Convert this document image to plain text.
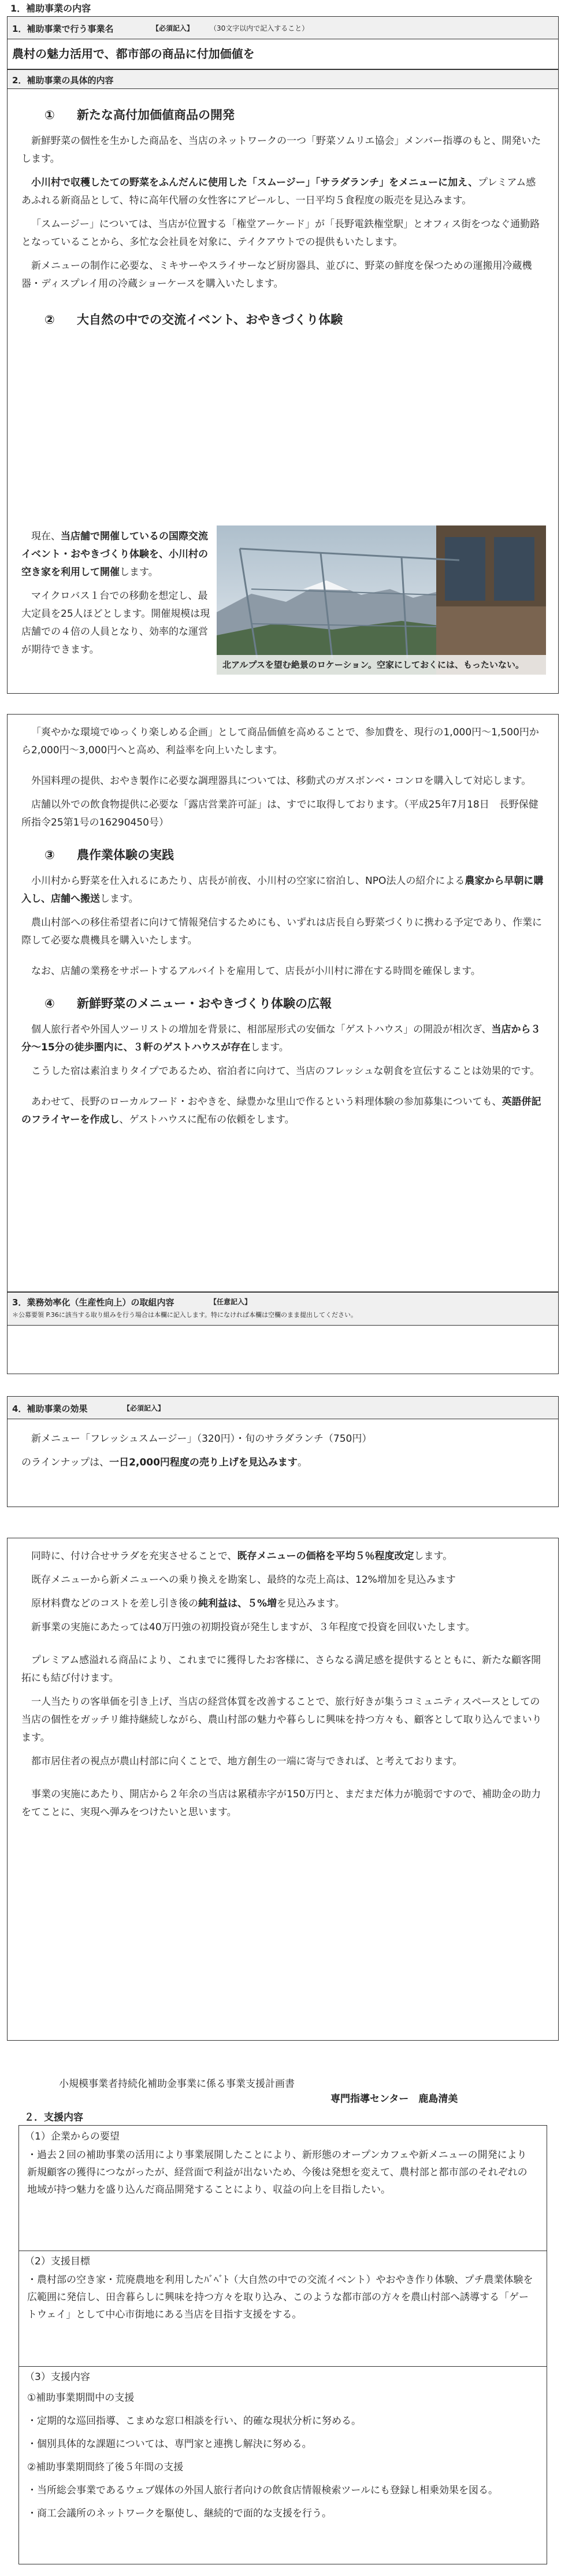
1．補助事業の内容
1．補助事業で行う事業名	【必須記入】 （30文字以内で記入すること）
農村の魅力活用で、都市部の商品に付加価値を
2．補助事業の具体的内容
① 新たな高付加価値商品の開発

新鮮野菜の個性を生かした商品を、当店のネットワークの一つ「野菜ソムリエ協会」メンバー指導のもと、開発いたします。

小川村で収穫したての野菜をふんだんに使用した「スムージー」「サラダランチ」をメニューに加え、プレミアム感あふれる新商品として、特に高年代層の女性客にアピールし、一日平均５食程度の販売を見込みます。

「スムージー」については、当店が位置する「権堂アーケード」が「長野電鉄権堂駅」とオフィス街をつなぐ通勤路となっていることから、多忙な会社員を対象に、テイクアウトでの提供もいたします。

新メニューの制作に必要な、ミキサーやスライサーなど厨房器具、並びに、野菜の鮮度を保つための運搬用冷蔵機器・ディスプレイ用の冷蔵ショーケースを購入いたします。

② 大自然の中での交流イベント、おやきづくり体験

現在、当店舗で開催しているの国際交流イベント・おやきづくり体験を、小川村の空き家を利用して開催します。

マイクロバス１台での移動を想定し、最大定員を25人ほどとします。開催規模は現店舗での４倍の人員となり、効率的な運営が期待できます。

北アルプスを望む絶景のロケーション。空家にしておくには、もったいない。

「爽やかな環境でゆっくり楽しめる企画」として商品価値を高めることで、参加費を、現行の1,000円〜1,500円から2,000円〜3,000円へと高め、利益率を向上いたします。

外国料理の提供、おやき製作に必要な調理器具については、移動式のガスボンベ・コンロを購入して対応します。

店舗以外での飲食物提供に必要な「露店営業許可証」は、すでに取得しております。（平成25年7月18日　長野保健所指令25第1号の16290450号）

③ 農作業体験の実践

小川村から野菜を仕入れるにあたり、店長が前夜、小川村の空家に宿泊し、NPO法人の紹介による農家から早朝に購入し、店舗へ搬送します。

農山村部への移住希望者に向けて情報発信するためにも、いずれは店長自ら野菜づくりに携わる予定であり、作業に際して必要な農機具を購入いたします。

なお、店舗の業務をサポートするアルバイトを雇用して、店長が小川村に滞在する時間を確保します。

④ 新鮮野菜のメニュー・おやきづくり体験の広報

個人旅行者や外国人ツーリストの増加を背景に、相部屋形式の安価な「ゲストハウス」の開設が相次ぎ、当店から３分〜15分の徒歩圏内に、３軒のゲストハウスが存在します。

こうした宿は素泊まりタイプであるため、宿泊者に向けて、当店のフレッシュな朝食を宣伝することは効果的です。

あわせて、長野のローカルフード・おやきを、緑豊かな里山で作るという料理体験の参加募集についても、英語併記のフライヤーを作成し、ゲストハウスに配布の依頼をします。

3．業務効率化（生産性向上）の取組内容	【任意記入】
＊公募要領 P.36に該当する取り組みを行う場合は本欄に記入します。特になければ本欄は空欄のまま提出してください。
4．補助事業の効果	【必須記入】

新メニュー「フレッシュスムージー」（320円）・旬のサラダランチ（750円）

のラインナップは、一日2,000円程度の売り上げを見込みます。

同時に、付け合せサラダを充実させることで、既存メニューの価格を平均５％程度改定します。

既存メニューから新メニューへの乗り換えを勘案し、最終的な売上高は、12%増加を見込みます

原材料費などのコストを差し引き後の純利益は、５%増を見込みます。

新事業の実施にあたっては40万円強の初期投資が発生しますが、３年程度で投資を回収いたします。

プレミアム感溢れる商品により、これまでに獲得したお客様に、さらなる満足感を提供するとともに、新たな顧客開拓にも結び付けます。

一人当たりの客単価を引き上げ、当店の経営体質を改善することで、旅行好きが集うコミュニティスペースとしての当店の個性をガッチリ維持継続しながら、農山村部の魅力や暮らしに興味を持つ方々も、顧客として取り込んでまいります。

都市居住者の視点が農山村部に向くことで、地方創生の一端に寄与できれば、と考えております。

事業の実施にあたり、開店から２年余の当店は累積赤字が150万円と、まだまだ体力が脆弱ですので、補助金の助力をてことに、実現へ弾みをつけたいと思います。

小規模事業者持続化補助金事業に係る事業支援計画書
専門指導センター　鹿島清美
２．支援内容
（1）企業からの要望
・過去２回の補助事業の活用により事業展開したことにより、新形態のオープンカフェや新メニューの開発により新規顧客の獲得につながったが、経営面で利益が出ないため、今後は発想を変えて、農村部と都市部のそれぞれの地域が持つ魅力を盛り込んだ商品開発することにより、収益の向上を目指したい。
（2）支援目標
・農村部の空き家・荒廃農地を利用したﾊﾞﾍﾞﾄ（大自然の中での交流イベント）やおやき作り体験、プチ農業体験を広範囲に発信し、田舎暮らしに興味を持つ方々を取り込み、このような都市部の方々を農山村部へ誘導する「ゲートウェイ」として中心市街地にある当店を目指す支援をする。
（3）支援内容
①補助事業期間中の支援
・定期的な巡回指導、こまめな窓口相談を行い、的確な現状分析に努める。
・個別具体的な課題については、専門家と連携し解決に努める。
②補助事業期間終了後５年間の支援
・当所総会事業であるウェブ媒体の外国人旅行者向けの飲食店情報検索ツールにも登録し相乗効果を図る。
・商工会議所のネットワークを駆使し、継続的で面的な支援を行う。
